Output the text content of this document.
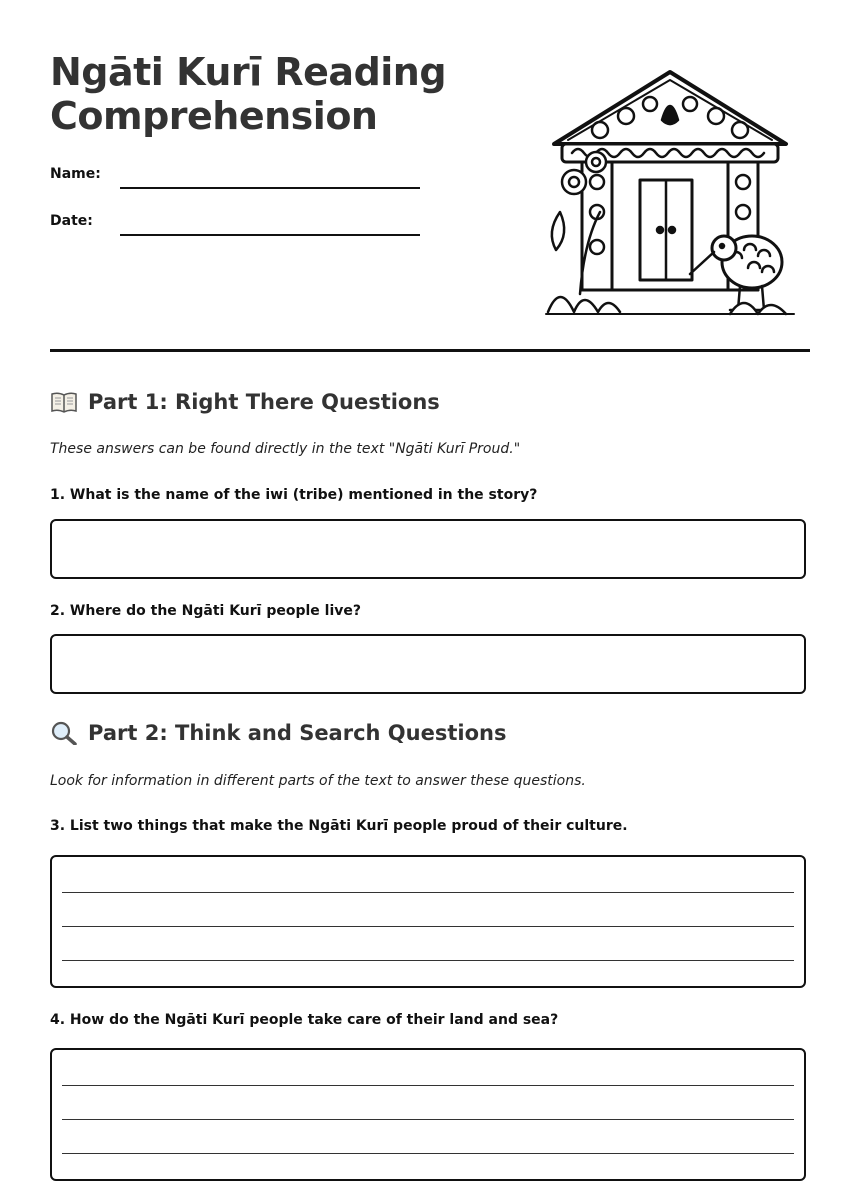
Ngāti Kurī Reading Comprehension
Name:
Date:
Part 1: Right There Questions
These answers can be found directly in the text "Ngāti Kurī Proud."
1. What is the name of the iwi (tribe) mentioned in the story?
2. Where do the Ngāti Kurī people live?
Part 2: Think and Search Questions
Look for information in different parts of the text to answer these questions.
3. List two things that make the Ngāti Kurī people proud of their culture.
4. How do the Ngāti Kurī people take care of their land and sea?
